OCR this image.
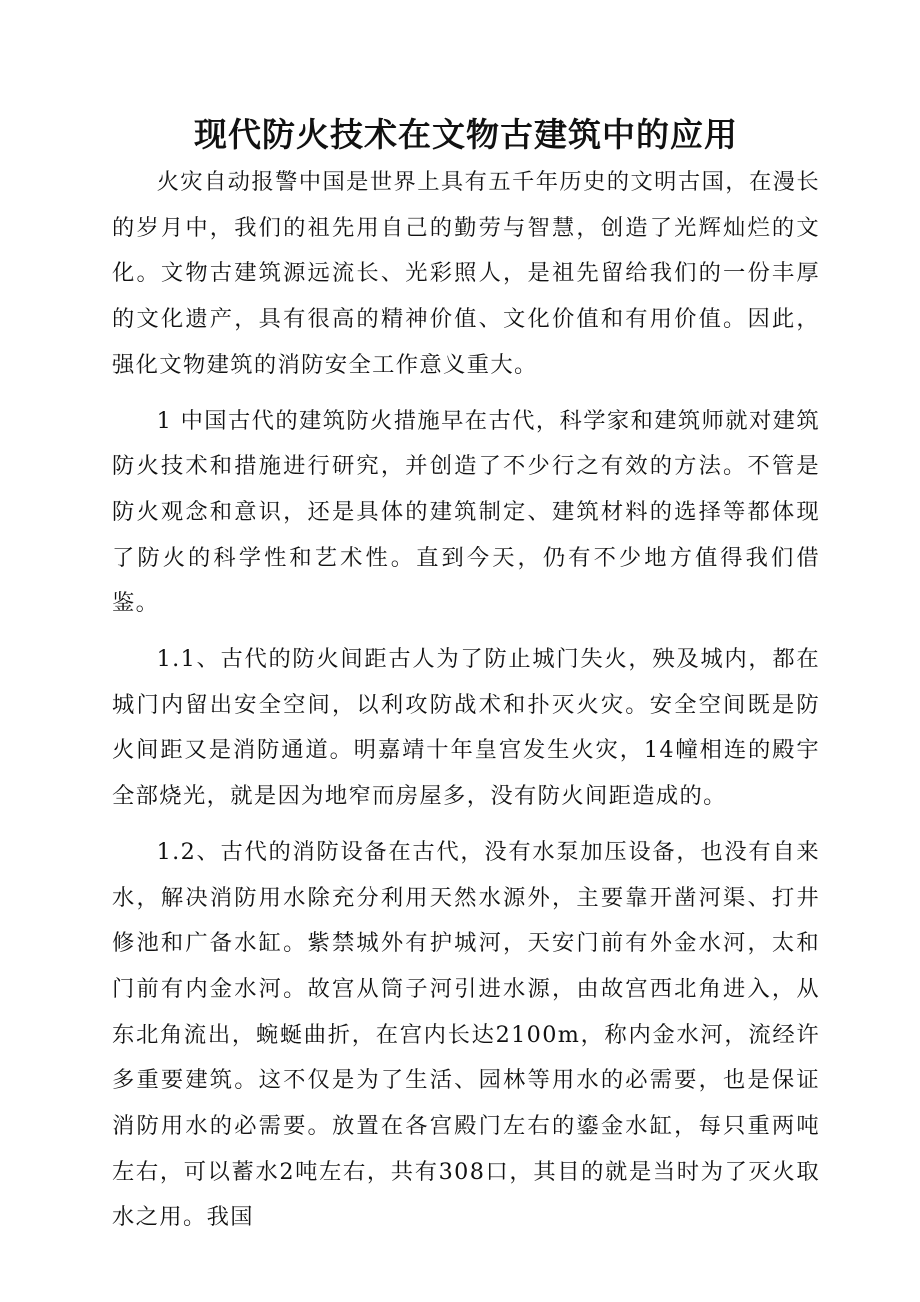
现代防火技术在文物古建筑中的应用

火灾自动报警中国是世界上具有五千年历史的文明古国，在漫长的岁月中，我们的祖先用自己的勤劳与智慧，创造了光辉灿烂的文化。文物古建筑源远流长、光彩照人，是祖先留给我们的一份丰厚的文化遗产，具有很高的精神价值、文化价值和有用价值。因此，强化文物建筑的消防安全工作意义重大。

1 中国古代的建筑防火措施早在古代，科学家和建筑师就对建筑防火技术和措施进行研究，并创造了不少行之有效的方法。不管是防火观念和意识，还是具体的建筑制定、建筑材料的选择等都体现了防火的科学性和艺术性。直到今天，仍有不少地方值得我们借鉴。

1.1、古代的防火间距古人为了防止城门失火，殃及城内，都在城门内留出安全空间，以利攻防战术和扑灭火灾。安全空间既是防火间距又是消防通道。明嘉靖十年皇宫发生火灾，14幢相连的殿宇全部烧光，就是因为地窄而房屋多，没有防火间距造成的。

1.2、古代的消防设备在古代，没有水泵加压设备，也没有自来水，解决消防用水除充分利用天然水源外，主要靠开凿河渠、打井修池和广备水缸。紫禁城外有护城河，天安门前有外金水河，太和门前有内金水河。故宫从筒子河引进水源，由故宫西北角进入，从东北角流出，蜿蜒曲折，在宫内长达2100m，称内金水河，流经许多重要建筑。这不仅是为了生活、园林等用水的必需要，也是保证消防用水的必需要。放置在各宫殿门左右的鎏金水缸，每只重两吨左右，可以蓄水2吨左右，共有308口，其目的就是当时为了灭火取水之用。我国
